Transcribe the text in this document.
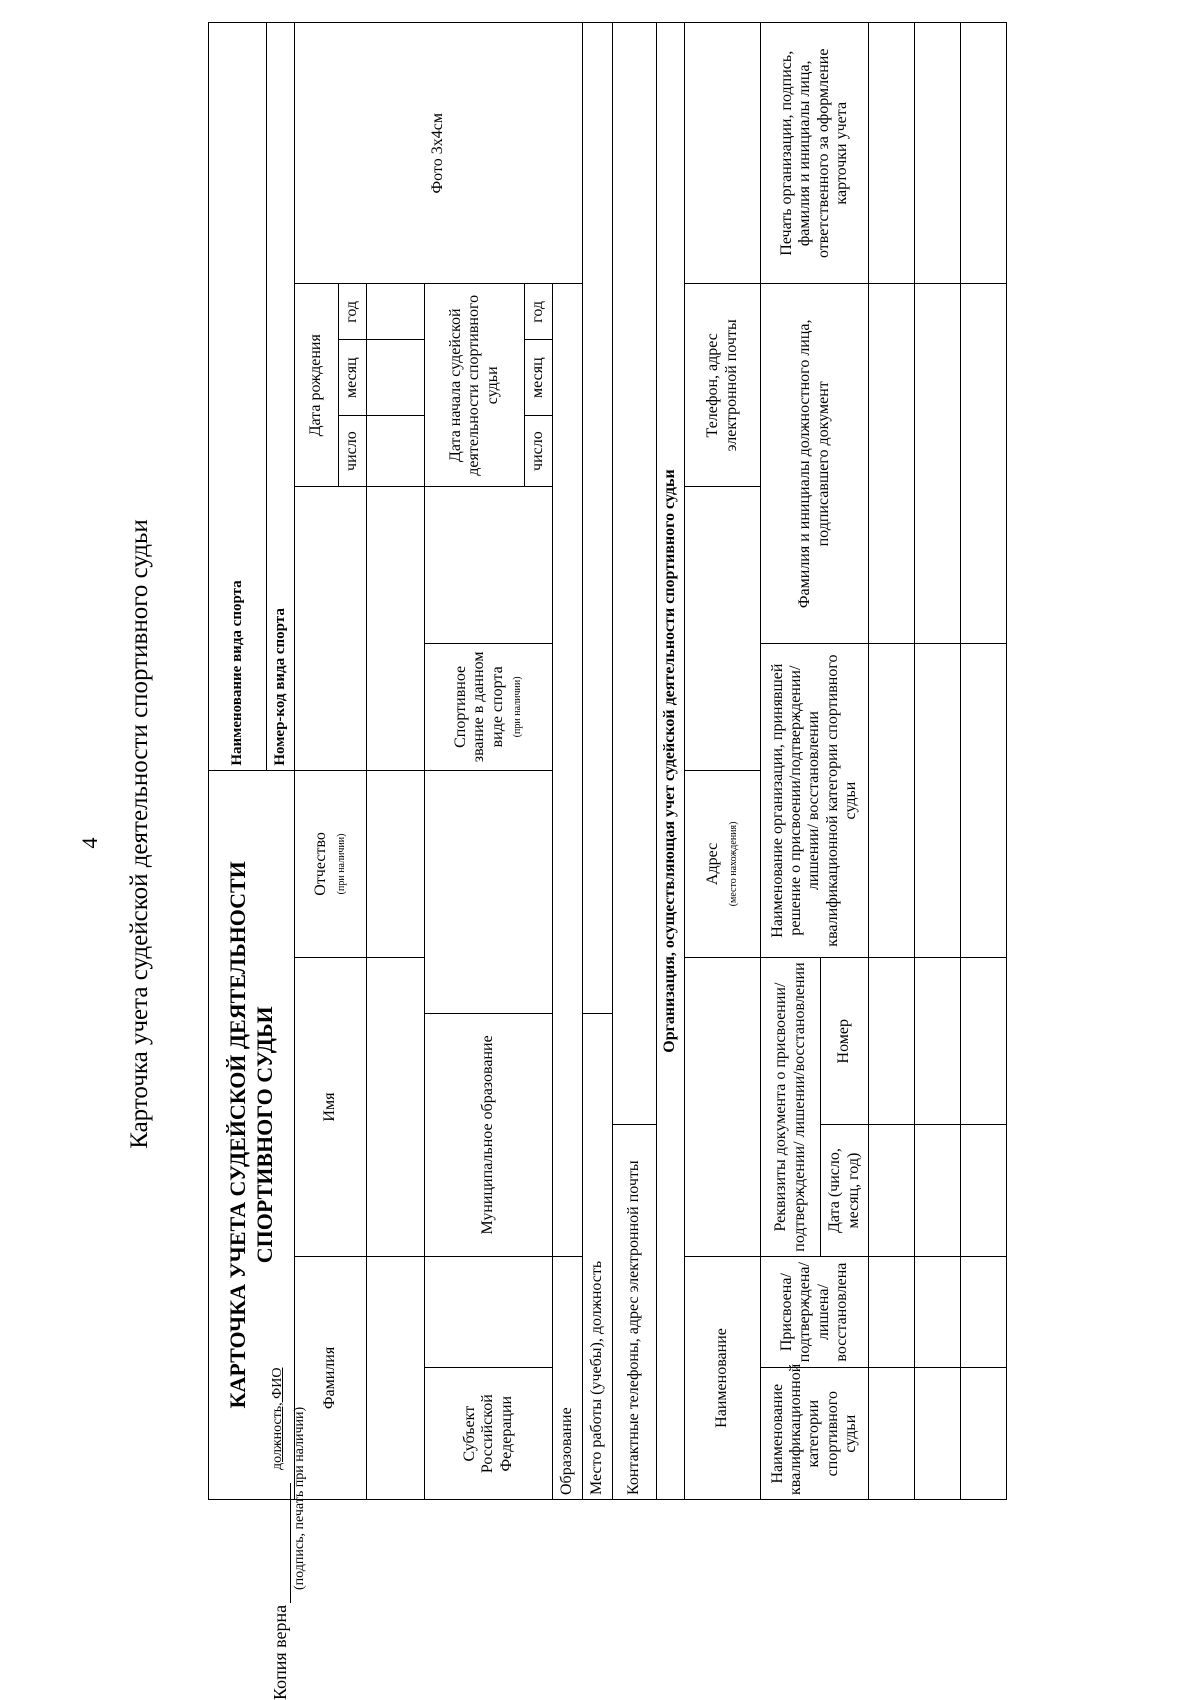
4 Карточка учета судейской деятельности спортивного судьи	КАРТОЧКА УЧЕТА СУДЕЙСКОЙ ДЕЯТЕЛЬНОСТИ СПОРТИВНОГО СУДЬИ						Наименование вида спорта					
						Номер-код вида спорта					
Фамилия		Имя			Отчество (при наличии)			Дата рождения			Фото 3х4см
								число	месяц	год	

Субъект Российской Федерации		Муниципальное образование				Спортивное звание в данном виде спорта (при наличии)		Дата начала судейской деятельности спортивного судьи			
								число	месяц	год	
Образование											
Место работы (учебы), должность											
Контактные телефоны, адрес электронной почты											
Организация, осуществляющая учет судейской деятельности спортивного судьи											
Наименование					Адрес (место нахождения)			Телефон, адрес электронной почты			
Наименование квалификационной категории спортивного судьи	Присвоена/ подтверждена/ лишена/ восстановлена	Реквизиты документа о присвоении/подтверждении/ лишении/восстановлении			Наименование организации, принявшей решение о присвоении/подтверждении/лишении/ восстановлении квалификационной категории спортивного судьи		Фамилия и инициалы должностного лица, подписавшего документ				Печать организации, подпись, фамилия и инициалы лица, ответственного за оформление карточки учета
		Дата (число, месяц, год)	Номер								

Копия верна
(подпись, печать при наличии)
должность, ФИО
